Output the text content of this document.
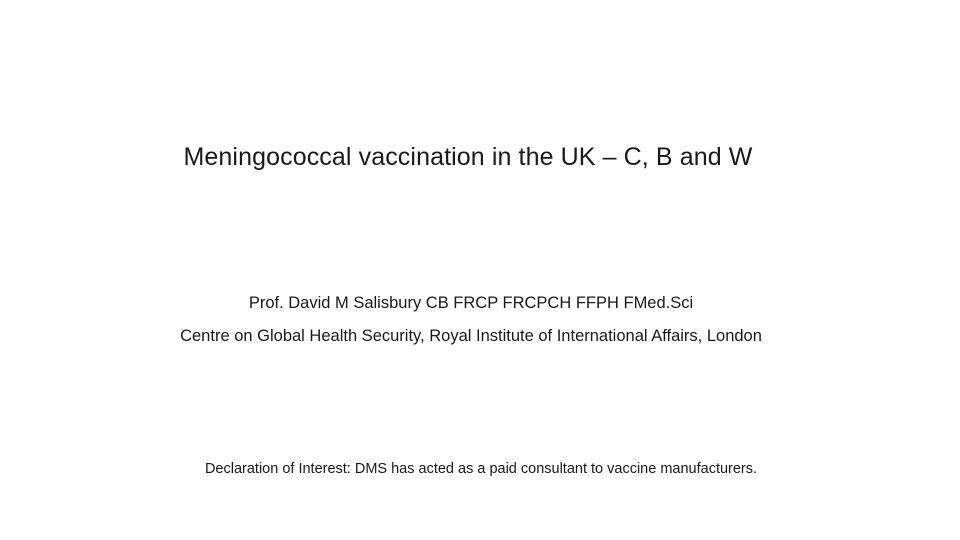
Meningococcal vaccination in the UK – C, B and W
Prof. David M Salisbury CB FRCP FRCPCH FFPH FMed.Sci
Centre on Global Health Security, Royal Institute of International Affairs, London
Declaration of Interest: DMS has acted as a paid consultant to vaccine manufacturers.
